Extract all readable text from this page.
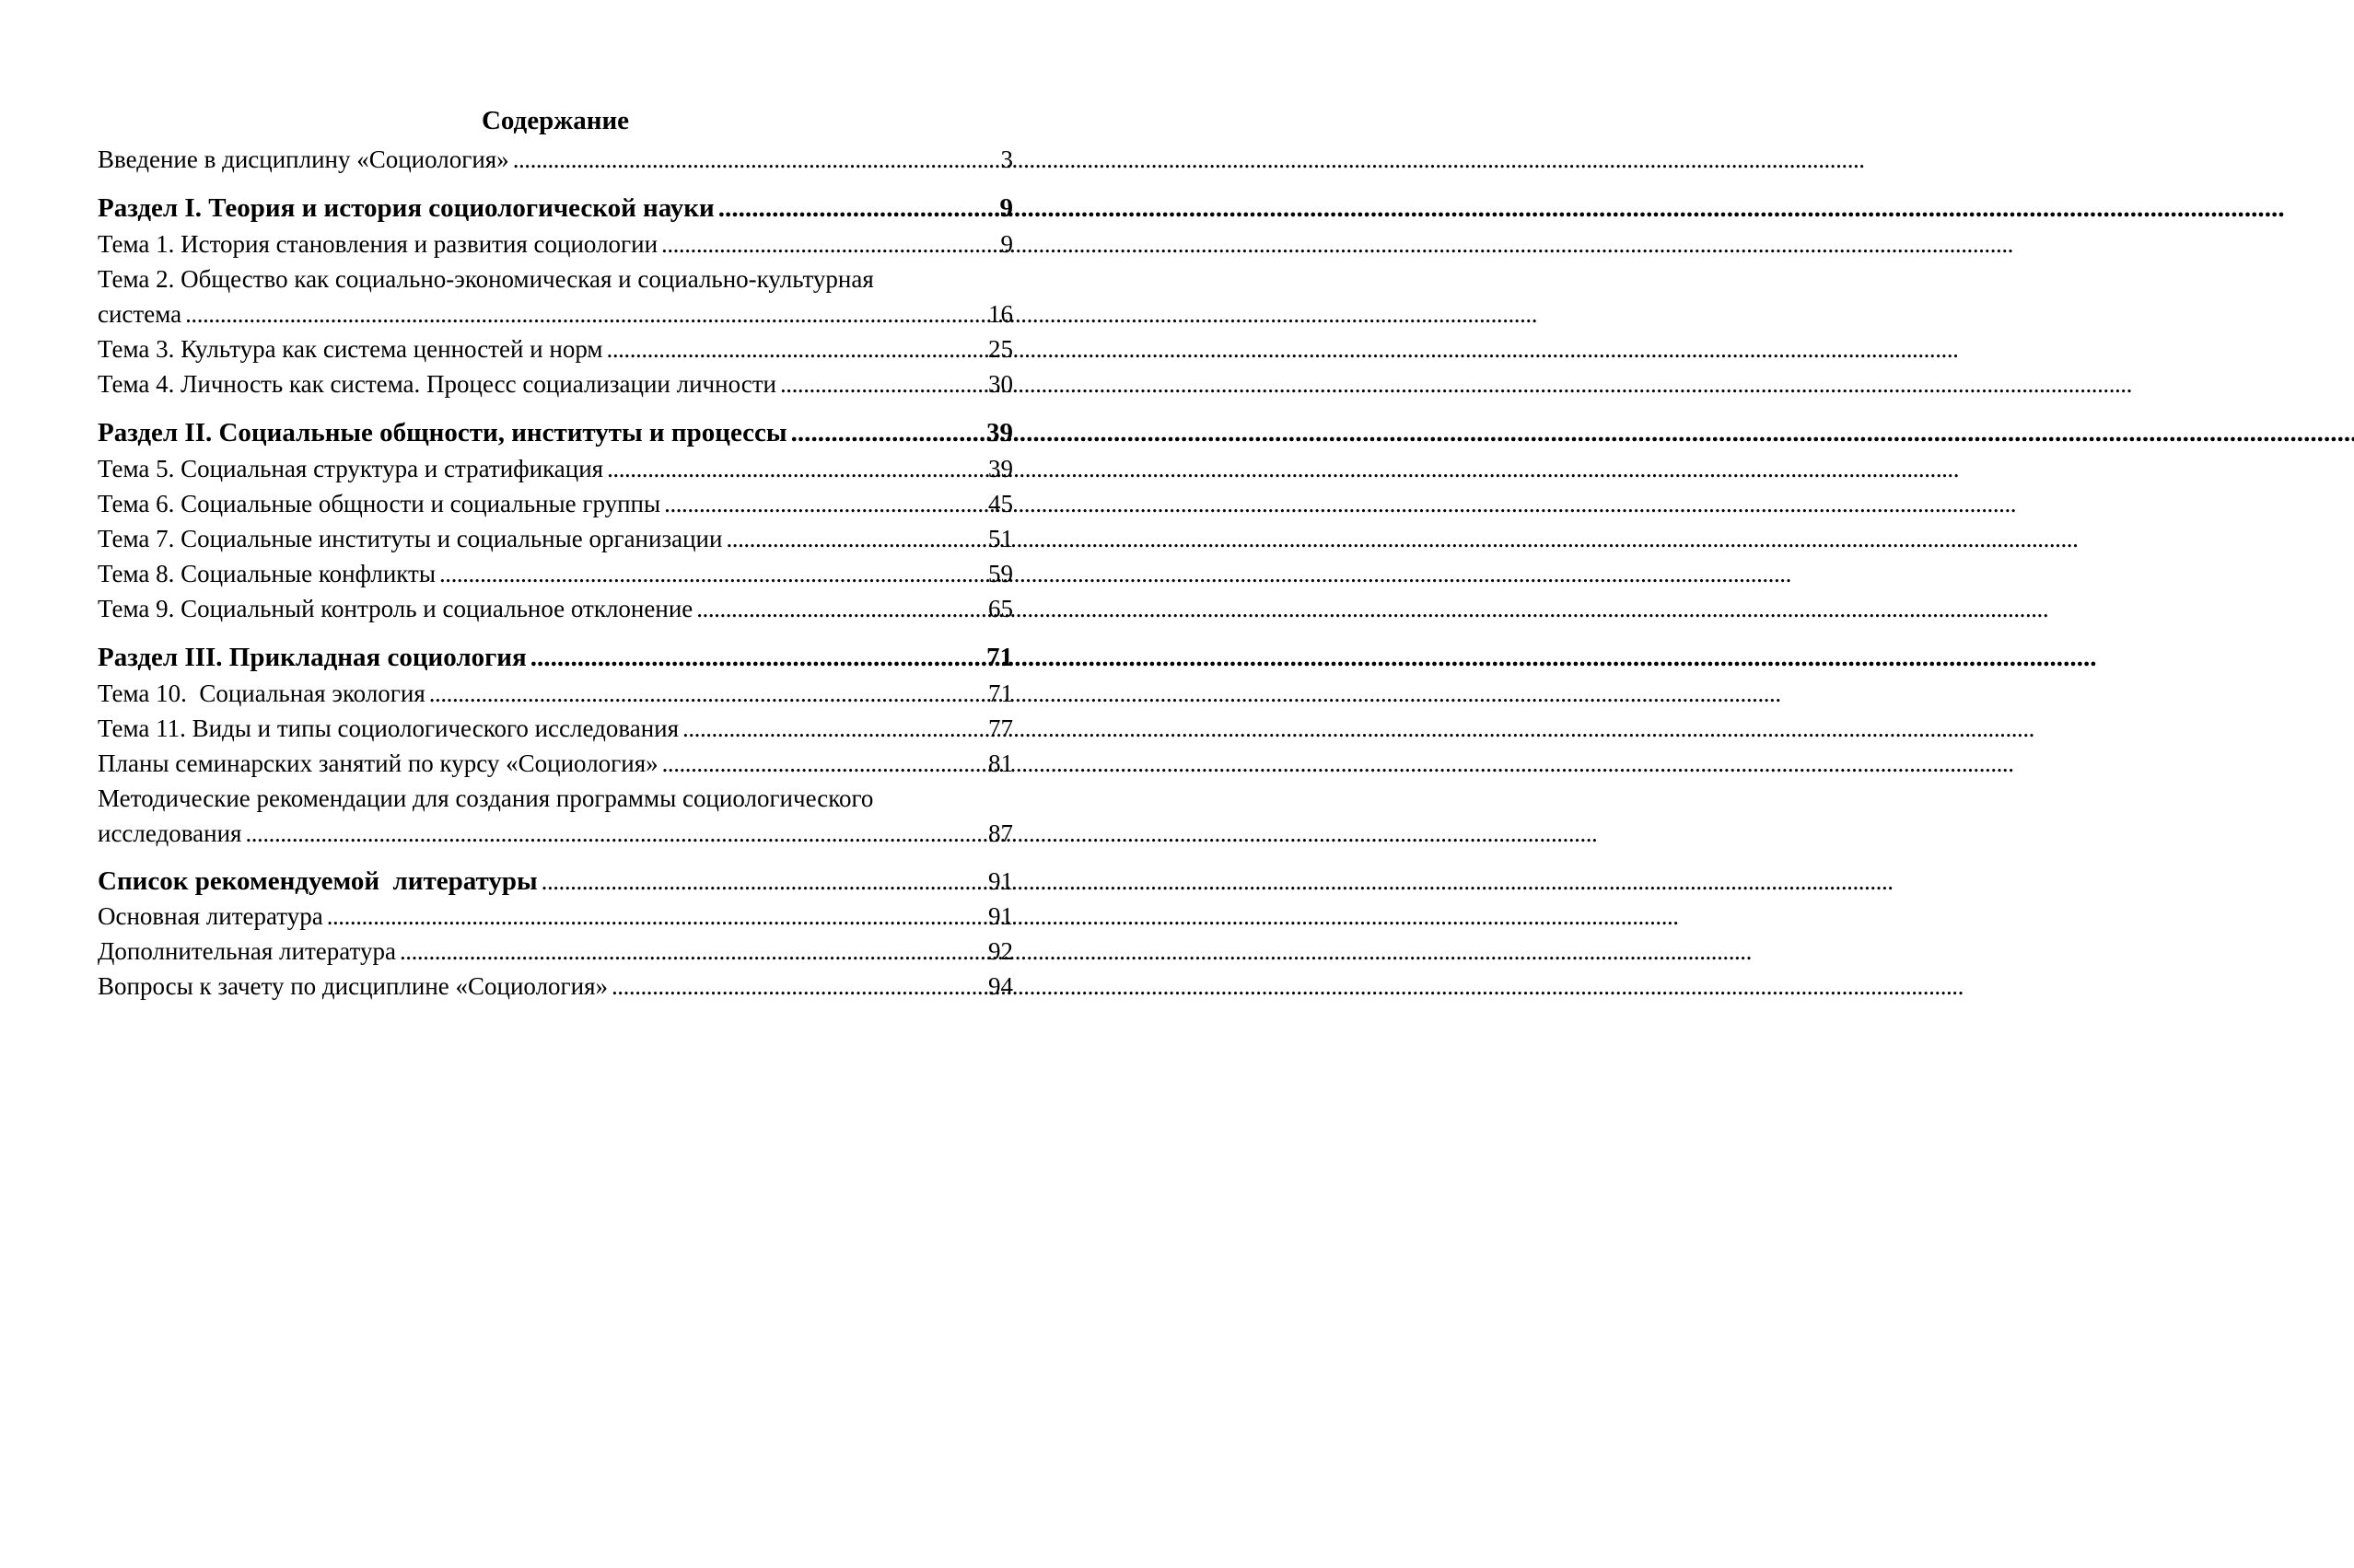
Содержание
Введение в дисциплину «Социология» . . .	3
Раздел I. Теория и история социологической науки . . .	9
Тема 1. История становления и развития социологии . . .	9
Тема 2. Общество как социально-экономическая и социально-культурная
система . . .	16
Тема 3. Культура как система ценностей и норм . . .	25
Тема 4. Личность как система. Процесс социализации личности . . .	30
Раздел II. Социальные общности, институты и процессы . . .	39
Тема 5. Социальная структура и стратификация . . .	39
Тема 6. Социальные общности и социальные группы . . .	45
Тема 7. Социальные институты и социальные организации . . .	51
Тема 8. Социальные конфликты . . .	59
Тема 9. Социальный контроль и социальное отклонение . . .	65
Раздел III. Прикладная социология . . .	71
Тема 10.  Социальная экология . . .	71
Тема 11. Виды и типы социологического исследования . . .	77
Планы семинарских занятий по курсу «Социология» . . .	81
Методические рекомендации для создания программы социологического
исследования . . .	87
Список рекомендуемой  литературы . . .	91
Основная литература . . .	91
Дополнительная литература . . .	92
Вопросы к зачету по дисциплине «Социология» . . .	94
